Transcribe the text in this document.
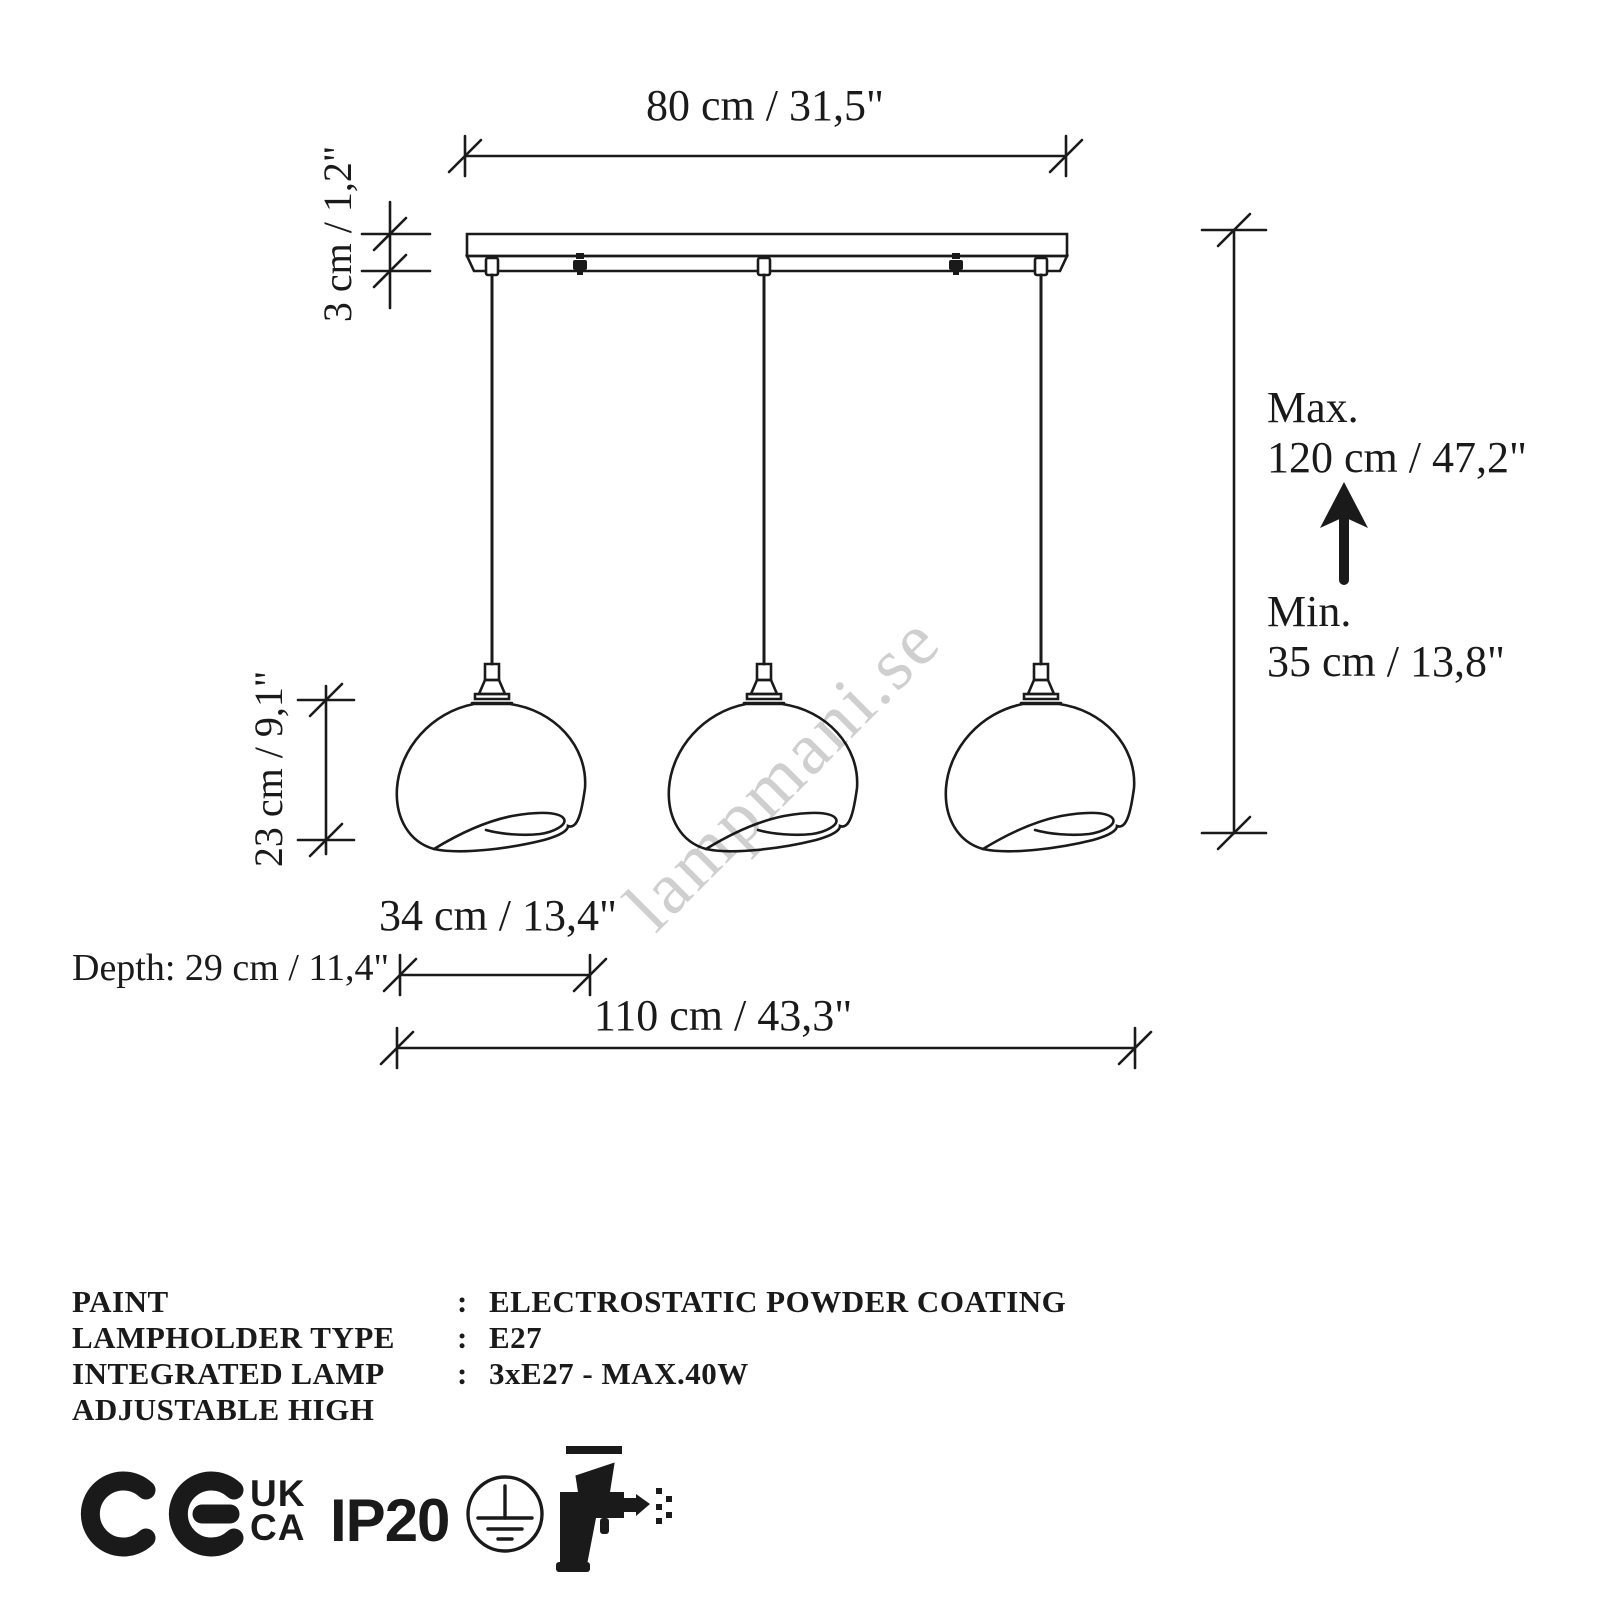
lampmani.se
80 cm / 31,5"
3 cm / 1,2"
23 cm / 9,1"
34 cm / 13,4"
Depth: 29 cm / 11,4"
110 cm / 43,3"
Max.
120 cm / 47,2"
Min.
35 cm / 13,8"
PAINT	: ELECTROSTATIC POWDER COATING
LAMPHOLDER TYPE	: E27
INTEGRATED LAMP	: 3xE27 - MAX.40W
ADJUSTABLE HIGH
UK
CA IP20
